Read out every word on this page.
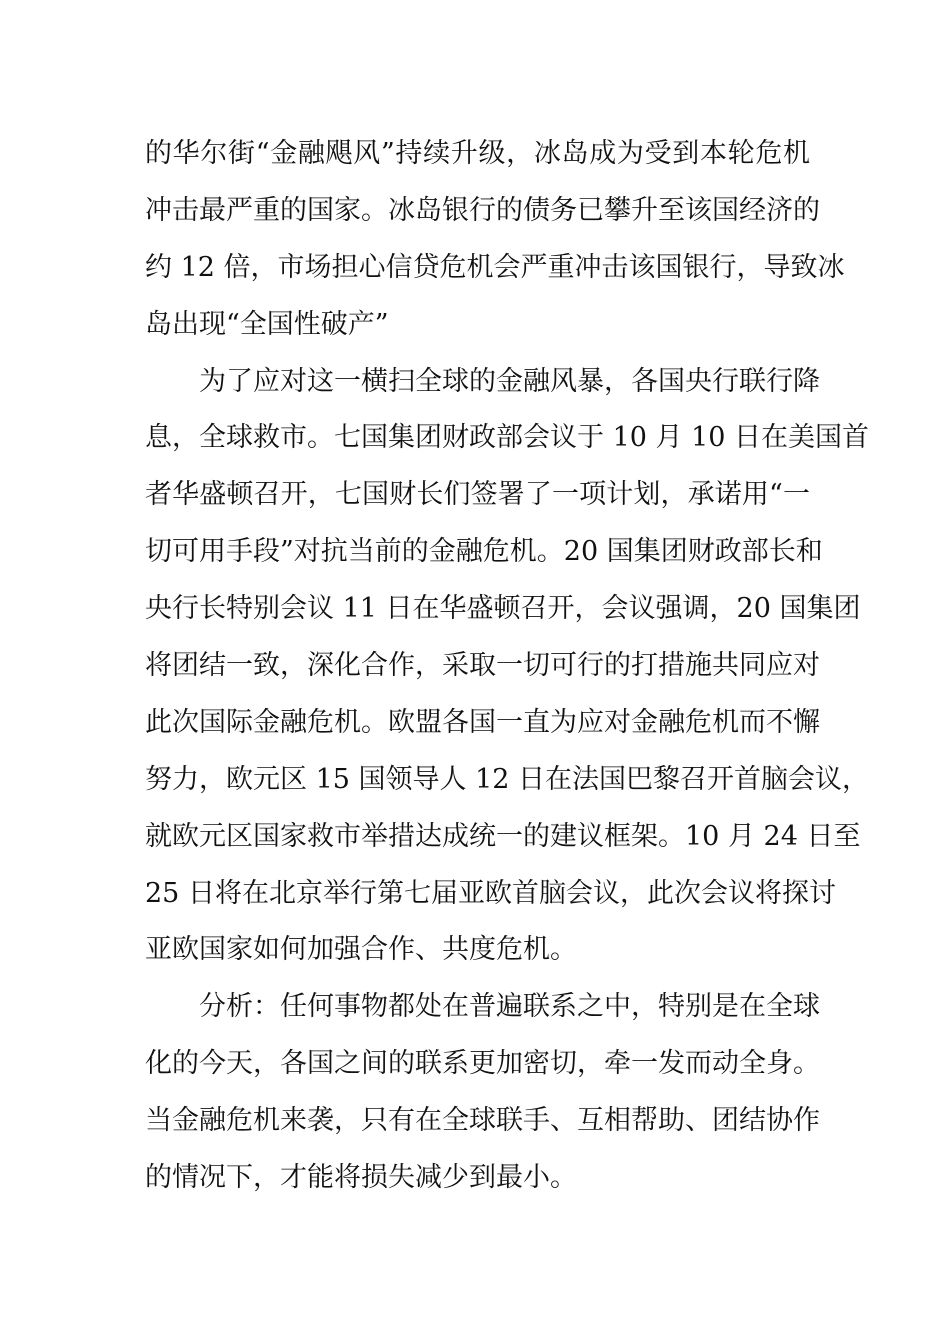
的华尔街“金融飓风”持续升级，冰岛成为受到本轮危机
冲击最严重的国家。冰岛银行的债务已攀升至该国经济的
约 12 倍，市场担心信贷危机会严重冲击该国银行，导致冰
岛出现“全国性破产”
为了应对这一横扫全球的金融风暴，各国央行联行降
息，全球救市。七国集团财政部会议于 10 月 10 日在美国首
者华盛顿召开，七国财长们签署了一项计划，承诺用“一
切可用手段”对抗当前的金融危机。20 国集团财政部长和
央行长特别会议 11 日在华盛顿召开，会议强调，20 国集团
将团结一致，深化合作，采取一切可行的打措施共同应对
此次国际金融危机。欧盟各国一直为应对金融危机而不懈
努力，欧元区 15 国领导人 12 日在法国巴黎召开首脑会议，
就欧元区国家救市举措达成统一的建议框架。10 月 24 日至
25 日将在北京举行第七届亚欧首脑会议，此次会议将探讨
亚欧国家如何加强合作、共度危机。
分析：任何事物都处在普遍联系之中，特别是在全球
化的今天，各国之间的联系更加密切，牵一发而动全身。
当金融危机来袭，只有在全球联手、互相帮助、团结协作
的情况下，才能将损失减少到最小。
